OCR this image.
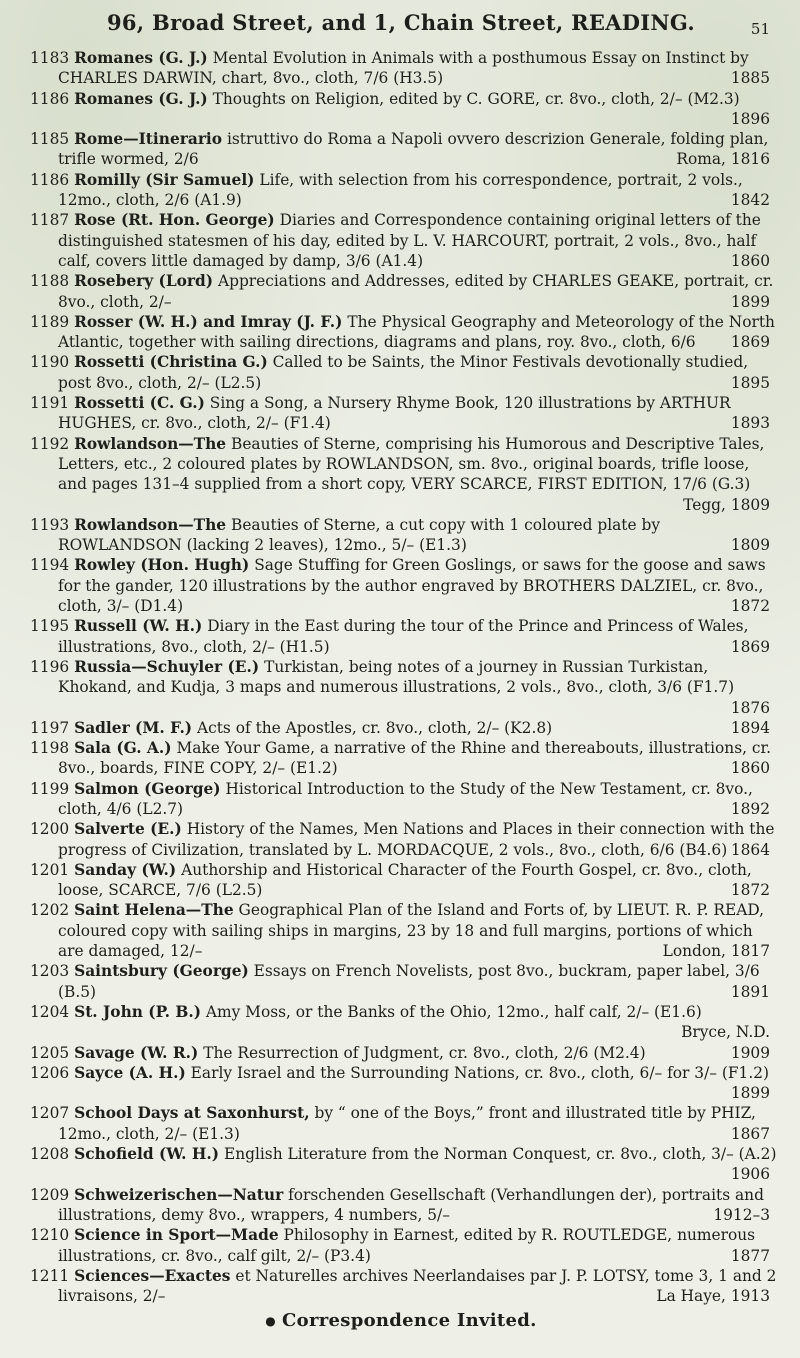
96, Broad Street, and 1, Chain Street, READING.	51

1183 Romanes (G. J.) Mental Evolution in Animals with a posthumous Essay on Instinct by CHARLES DARWIN, chart, 8vo., cloth, 7/6 (H3.5)	1885

1186 Romanes (G. J.) Thoughts on Religion, edited by C. GORE, cr. 8vo., cloth, 2/– (M2.3)
1896

1185 Rome—Itinerario istruttivo do Roma a Napoli ovvero descrizion Generale, folding plan, trifle wormed, 2/6	Roma, 1816

1186 Romilly (Sir Samuel) Life, with selection from his correspondence, portrait, 2 vols., 12mo., cloth, 2/6 (A1.9)	1842

1187 Rose (Rt. Hon. George) Diaries and Correspondence containing original letters of the distinguished statesmen of his day, edited by L. V. HARCOURT, portrait, 2 vols., 8vo., half calf, covers little damaged by damp, 3/6 (A1.4)	1860

1188 Rosebery (Lord) Appreciations and Addresses, edited by CHARLES GEAKE, portrait, cr. 8vo., cloth, 2/–	1899

1189 Rosser (W. H.) and Imray (J. F.) The Physical Geography and Meteorology of the North Atlantic, together with sailing directions, diagrams and plans, roy. 8vo., cloth, 6/6 1869

1190 Rossetti (Christina G.) Called to be Saints, the Minor Festivals devotionally studied, post 8vo., cloth, 2/– (L2.5)	1895

1191 Rossetti (C. G.) Sing a Song, a Nursery Rhyme Book, 120 illustrations by ARTHUR HUGHES, cr. 8vo., cloth, 2/– (F1.4)	1893

1192 Rowlandson—The Beauties of Sterne, comprising his Humorous and Descriptive Tales, Letters, etc., 2 coloured plates by ROWLANDSON, sm. 8vo., original boards, trifle loose, and pages 131–4 supplied from a short copy, VERY SCARCE, FIRST EDITION, 17/6 (G.3)
Tegg, 1809

1193 Rowlandson—The Beauties of Sterne, a cut copy with 1 coloured plate by ROWLANDSON (lacking 2 leaves), 12mo., 5/– (E1.3)	1809

1194 Rowley (Hon. Hugh) Sage Stuffing for Green Goslings, or saws for the goose and saws for the gander, 120 illustrations by the author engraved by BROTHERS DALZIEL, cr. 8vo., cloth, 3/– (D1.4)	1872

1195 Russell (W. H.) Diary in the East during the tour of the Prince and Princess of Wales, illustrations, 8vo., cloth, 2/– (H1.5)	1869

1196 Russia—Schuyler (E.) Turkistan, being notes of a journey in Russian Turkistan, Khokand, and Kudja, 3 maps and numerous illustrations, 2 vols., 8vo., cloth, 3/6 (F1.7)
1876

1197 Sadler (M. F.) Acts of the Apostles, cr. 8vo., cloth, 2/– (K2.8)	1894

1198 Sala (G. A.) Make Your Game, a narrative of the Rhine and thereabouts, illustrations, cr. 8vo., boards, FINE COPY, 2/– (E1.2)	1860

1199 Salmon (George) Historical Introduction to the Study of the New Testament, cr. 8vo., cloth, 4/6 (L2.7)	1892

1200 Salverte (E.) History of the Names, Men Nations and Places in their connection with the progress of Civilization, translated by L. MORDACQUE, 2 vols., 8vo., cloth, 6/6 (B4.6) 1864

1201 Sanday (W.) Authorship and Historical Character of the Fourth Gospel, cr. 8vo., cloth, loose, SCARCE, 7/6 (L2.5)	1872

1202 Saint Helena—The Geographical Plan of the Island and Forts of, by LIEUT. R. P. READ, coloured copy with sailing ships in margins, 23 by 18 and full margins, portions of which are damaged, 12/–	London, 1817

1203 Saintsbury (George) Essays on French Novelists, post 8vo., buckram, paper label, 3/6 (B.5)	1891

1204 St. John (P. B.) Amy Moss, or the Banks of the Ohio, 12mo., half calf, 2/– (E1.6)
Bryce, N.D.

1205 Savage (W. R.) The Resurrection of Judgment, cr. 8vo., cloth, 2/6 (M2.4)	1909

1206 Sayce (A. H.) Early Israel and the Surrounding Nations, cr. 8vo., cloth, 6/– for 3/– (F1.2)
1899

1207 School Days at Saxonhurst, by “ one of the Boys,” front and illustrated title by PHIZ, 12mo., cloth, 2/– (E1.3)	1867

1208 Schofield (W. H.) English Literature from the Norman Conquest, cr. 8vo., cloth, 3/– (A.2)
1906

1209 Schweizerischen—Natur forschenden Gesellschaft (Verhandlungen der), portraits and illustrations, demy 8vo., wrappers, 4 numbers, 5/–	1912–3

1210 Science in Sport—Made Philosophy in Earnest, edited by R. ROUTLEDGE, numerous illustrations, cr. 8vo., calf gilt, 2/– (P3.4)	1877

1211 Sciences—Exactes et Naturelles archives Neerlandaises par J. P. LOTSY, tome 3, 1 and 2 livraisons, 2/–	La Haye, 1913

● Correspondence Invited.
